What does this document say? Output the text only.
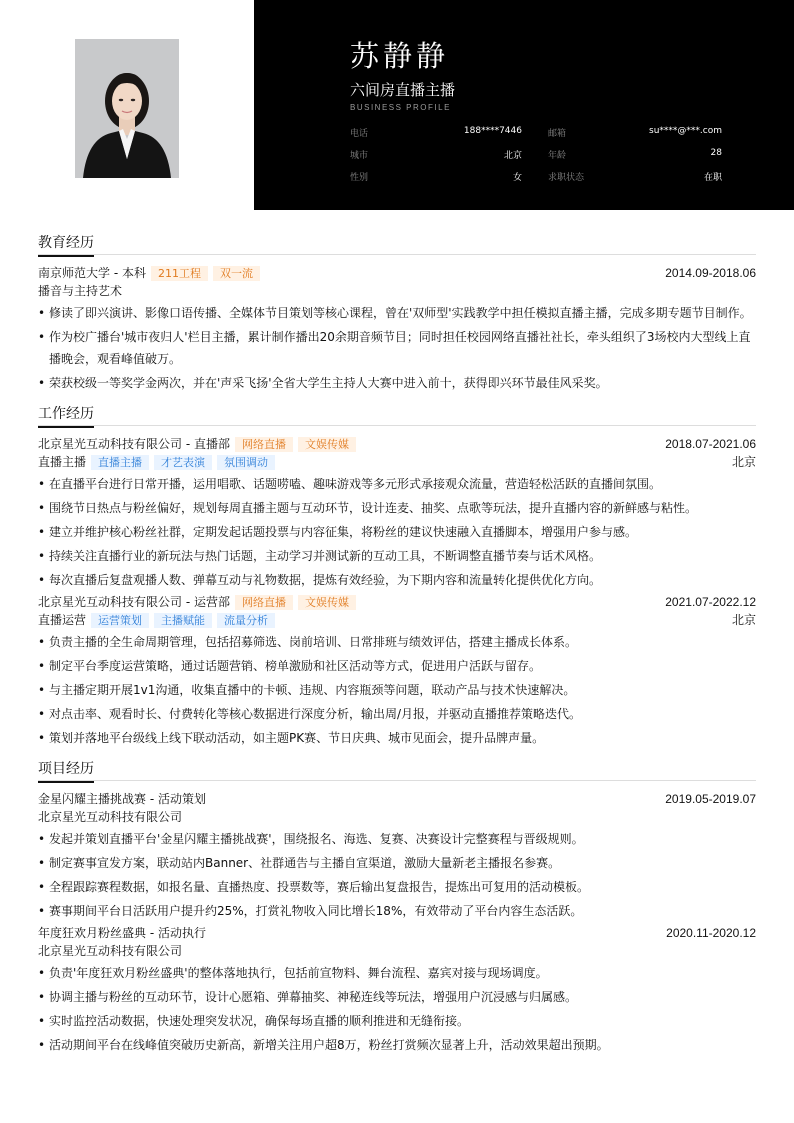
苏静静
六间房直播主播
BUSINESS PROFILE
电话	188****7446	邮箱	su****@***.com
城市	北京	年龄	28
性别	女	求职状态	在职
教育经历
南京师范大学 - 本科	211工程	双一流	2014.09-2018.06
播音与主持艺术
• 修读了即兴演讲、影像口语传播、全媒体节目策划等核心课程，曾在'双师型'实践教学中担任模拟直播主播，完成多期专题节目制作。
• 作为校广播台'城市夜归人'栏目主播，累计制作播出20余期音频节目；同时担任校园网络直播社社长，牵头组织了3场校内大型线上直播晚会，观看峰值破万。
• 荣获校级一等奖学金两次，并在'声采飞扬'全省大学生主持人大赛中进入前十，获得即兴环节最佳风采奖。
工作经历
北京星光互动科技有限公司 - 直播部	网络直播	文娱传媒	2018.07-2021.06
直播主播	直播主播	才艺表演	氛围调动	北京
• 在直播平台进行日常开播，运用唱歌、话题唠嗑、趣味游戏等多元形式承接观众流量，营造轻松活跃的直播间氛围。
• 围绕节日热点与粉丝偏好，规划每周直播主题与互动环节，设计连麦、抽奖、点歌等玩法，提升直播内容的新鲜感与粘性。
• 建立并维护核心粉丝社群，定期发起话题投票与内容征集，将粉丝的建议快速融入直播脚本，增强用户参与感。
• 持续关注直播行业的新玩法与热门话题，主动学习并测试新的互动工具，不断调整直播节奏与话术风格。
• 每次直播后复盘观播人数、弹幕互动与礼物数据，提炼有效经验，为下期内容和流量转化提供优化方向。
北京星光互动科技有限公司 - 运营部	网络直播	文娱传媒	2021.07-2022.12
直播运营	运营策划	主播赋能	流量分析	北京
• 负责主播的全生命周期管理，包括招募筛选、岗前培训、日常排班与绩效评估，搭建主播成长体系。
• 制定平台季度运营策略，通过话题营销、榜单激励和社区活动等方式，促进用户活跃与留存。
• 与主播定期开展1v1沟通，收集直播中的卡顿、违规、内容瓶颈等问题，联动产品与技术快速解决。
• 对点击率、观看时长、付费转化等核心数据进行深度分析，输出周/月报，并驱动直播推荐策略迭代。
• 策划并落地平台级线上线下联动活动，如主题PK赛、节日庆典、城市见面会，提升品牌声量。
项目经历
金星闪耀主播挑战赛 - 活动策划	2019.05-2019.07
北京星光互动科技有限公司
• 发起并策划直播平台'金星闪耀主播挑战赛'，围绕报名、海选、复赛、决赛设计完整赛程与晋级规则。
• 制定赛事宣发方案，联动站内Banner、社群通告与主播自宣渠道，激励大量新老主播报名参赛。
• 全程跟踪赛程数据，如报名量、直播热度、投票数等，赛后输出复盘报告，提炼出可复用的活动模板。
• 赛事期间平台日活跃用户提升约25%，打赏礼物收入同比增长18%，有效带动了平台内容生态活跃。
年度狂欢月粉丝盛典 - 活动执行	2020.11-2020.12
北京星光互动科技有限公司
• 负责'年度狂欢月粉丝盛典'的整体落地执行，包括前宣物料、舞台流程、嘉宾对接与现场调度。
• 协调主播与粉丝的互动环节，设计心愿箱、弹幕抽奖、神秘连线等玩法，增强用户沉浸感与归属感。
• 实时监控活动数据，快速处理突发状况，确保每场直播的顺利推进和无缝衔接。
• 活动期间平台在线峰值突破历史新高，新增关注用户超8万，粉丝打赏频次显著上升，活动效果超出预期。
